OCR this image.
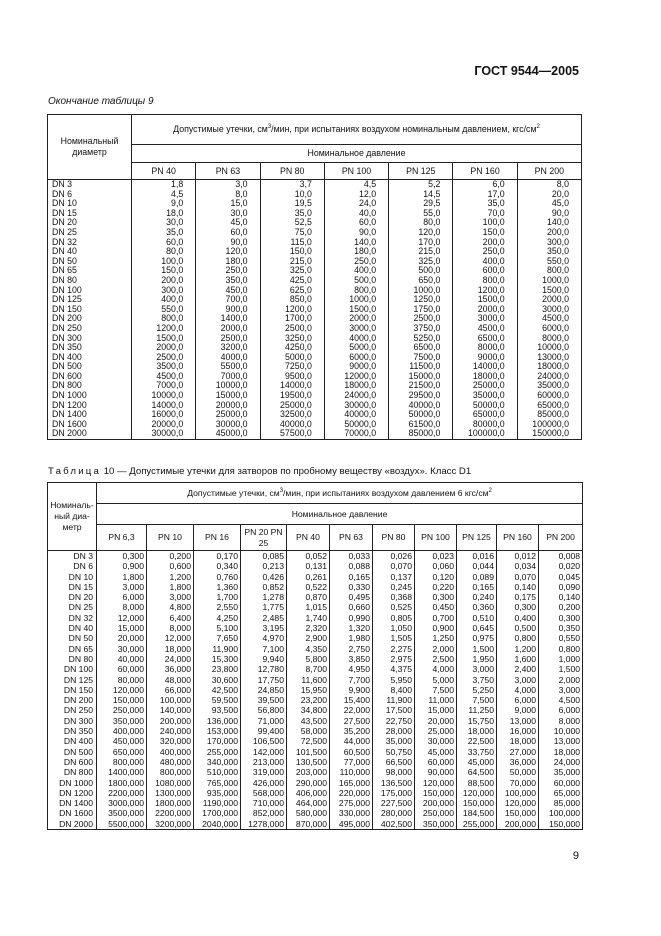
ГОСТ 9544—2005
Окончание таблицы 9
Номинальный диаметр	Допустимые утечки, $см^3$/мин, при испытаниях воздухом номинальным давлением, кгс/$см^2$
	Номинальное давление						
	PN 40	PN 63	PN 80	PN 100	PN 125	PN 160	PN 200
DN 3	1,8	3,0	3,7	4,5	5,2	6,0	8,0
DN 6	4,5	8,0	10,0	12,0	14,5	17,0	20,0
DN 10	9,0	15,0	19,5	24,0	29,5	35,0	45,0
DN 15	18,0	30,0	35,0	40,0	55,0	70,0	90,0
DN 20	30,0	45,0	52,5	60,0	80,0	100,0	140,0
DN 25	35,0	60,0	75,0	90,0	120,0	150,0	200,0
DN 32	60,0	90,0	115,0	140,0	170,0	200,0	300,0
DN 40	80,0	120,0	150,0	180,0	215,0	250,0	350,0
DN 50	100,0	180,0	215,0	250,0	325,0	400,0	550,0
DN 65	150,0	250,0	325,0	400,0	500,0	600,0	800,0
DN 80	200,0	350,0	425,0	500,0	650,0	800,0	1000,0
DN 100	300,0	450,0	625,0	800,0	1000,0	1200,0	1500,0
DN 125	400,0	700,0	850,0	1000,0	1250,0	1500,0	2000,0
DN 150	550,0	900,0	1200,0	1500,0	1750,0	2000,0	3000,0
DN 200	800,0	1400,0	1700,0	2000,0	2500,0	3000,0	4500,0
DN 250	1200,0	2000,0	2500,0	3000,0	3750,0	4500,0	6000,0
DN 300	1500,0	2500,0	3250,0	4000,0	5250,0	6500,0	8000,0
DN 350	2000,0	3200,0	4250,0	5000,0	6500,0	8000,0	10000,0
DN 400	2500,0	4000,0	5000,0	6000,0	7500,0	9000,0	13000,0
DN 500	3500,0	5500,0	7250,0	9000,0	11500,0	14000,0	18000,0
DN 600	4500,0	7000,0	9500,0	12000,0	15000,0	18000,0	24000,0
DN 800	7000,0	10000,0	14000,0	18000,0	21500,0	25000,0	35000,0
DN 1000	10000,0	15000,0	19500,0	24000,0	29500,0	35000,0	60000,0
DN 1200	14000,0	20000,0	25000,0	30000,0	40000,0	50000,0	65000,0
DN 1400	16000,0	25000,0	32500,0	40000,0	50000,0	65000,0	85000,0
DN 1600	20000,0	30000,0	40000,0	50000,0	61500,0	80000,0	100000,0
DN 2000	30000,0	45000,0	57500,0	70000,0	85000,0	100000,0	150000,0
Таблица 10 — Допустимые утечки для затворов по пробному веществу «воздух». Класс D1
Номиналь- ный диа- метр	Допустимые утечки, $см^3$/мин, при испытаниях воздухом давлением 6 кгс/$см^2$
	Номинальное давление										
	PN 6,3	PN 10	PN 16	PN 20 PN 25	PN 40	PN 63	PN 80	PN 100	PN 125	PN 160	PN 200
DN 3	0,300	0,200	0,170	0,085	0,052	0,033	0,026	0,023	0,016	0,012	0,008
DN 6	0,900	0,600	0,340	0,213	0,131	0,088	0,070	0,060	0,044	0,034	0,020
DN 10	1,800	1,200	0,760	0,426	0,261	0,165	0,137	0,120	0,089	0,070	0,045
DN 15	3,000	1,800	1,360	0,852	0,522	0,330	0,245	0,220	0,165	0,140	0,090
DN 20	6,000	3,000	1,700	1,278	0,870	0,495	0,368	0,300	0,240	0,175	0,140
DN 25	8,000	4,800	2,550	1,775	1,015	0,660	0,525	0,450	0,360	0,300	0,200
DN 32	12,000	6,400	4,250	2,485	1,740	0,990	0,805	0,700	0,510	0,400	0,300
DN 40	15,000	8,000	5,100	3,195	2,320	1,320	1,050	0,900	0,645	0,500	0,350
DN 50	20,000	12,000	7,650	4,970	2,900	1,980	1,505	1,250	0,975	0,800	0,550
DN 65	30,000	18,000	11,900	7,100	4,350	2,750	2,275	2,000	1,500	1,200	0,800
DN 80	40,000	24,000	15,300	9,940	5,800	3,850	2,975	2,500	1,950	1,600	1,000
DN 100	60,000	36,000	23,800	12,780	8,700	4,950	4,375	4,000	3,000	2,400	1,500
DN 125	80,000	48,000	30,600	17,750	11,600	7,700	5,950	5,000	3,750	3,000	2,000
DN 150	120,000	66,000	42,500	24,850	15,950	9,900	8,400	7,500	5,250	4,000	3,000
DN 200	150,000	100,000	59,500	39,500	23,200	15,400	11,900	11,000	7,500	6,000	4,500
DN 250	250,000	140,000	93,500	56,800	34,800	22,000	17,500	15,000	11,250	9,000	6,000
DN 300	350,000	200,000	136,000	71,000	43,500	27,500	22,750	20,000	15,750	13,000	8,000
DN 350	400,000	240,000	153,000	99,400	58,000	35,200	28,000	25,000	18,000	16,000	10,000
DN 400	450,000	320,000	170,000	106,500	72,500	44,000	35,000	30,000	22,500	18,000	13,000
DN 500	650,000	400,000	255,000	142,000	101,500	60,500	50,750	45,000	33,750	27,000	18,000
DN 600	800,000	480,000	340,000	213,000	130,500	77,000	66,500	60,000	45,000	36,000	24,000
DN 800	1400,000	800,000	510,000	319,000	203,000	110,000	98,000	90,000	64,500	50,000	35,000
DN 1000	1800,000	1080,000	765,000	426,000	290,000	165,000	136,500	120,000	88,500	70,000	60,000
DN 1200	2200,000	1300,000	935,000	568,000	406,000	220,000	175,000	150,000	120,000	100,000	65,000
DN 1400	3000,000	1800,000	1190,000	710,000	464,000	275,000	227,500	200,000	150,000	120,000	85,000
DN 1600	3500,000	2200,000	1700,000	852,000	580,000	330,000	280,000	250,000	184,500	150,000	100,000
DN 2000	5500,000	3200,000	2040,000	1278,000	870,000	495,000	402,500	350,000	255,000	200,000	150,000
9
